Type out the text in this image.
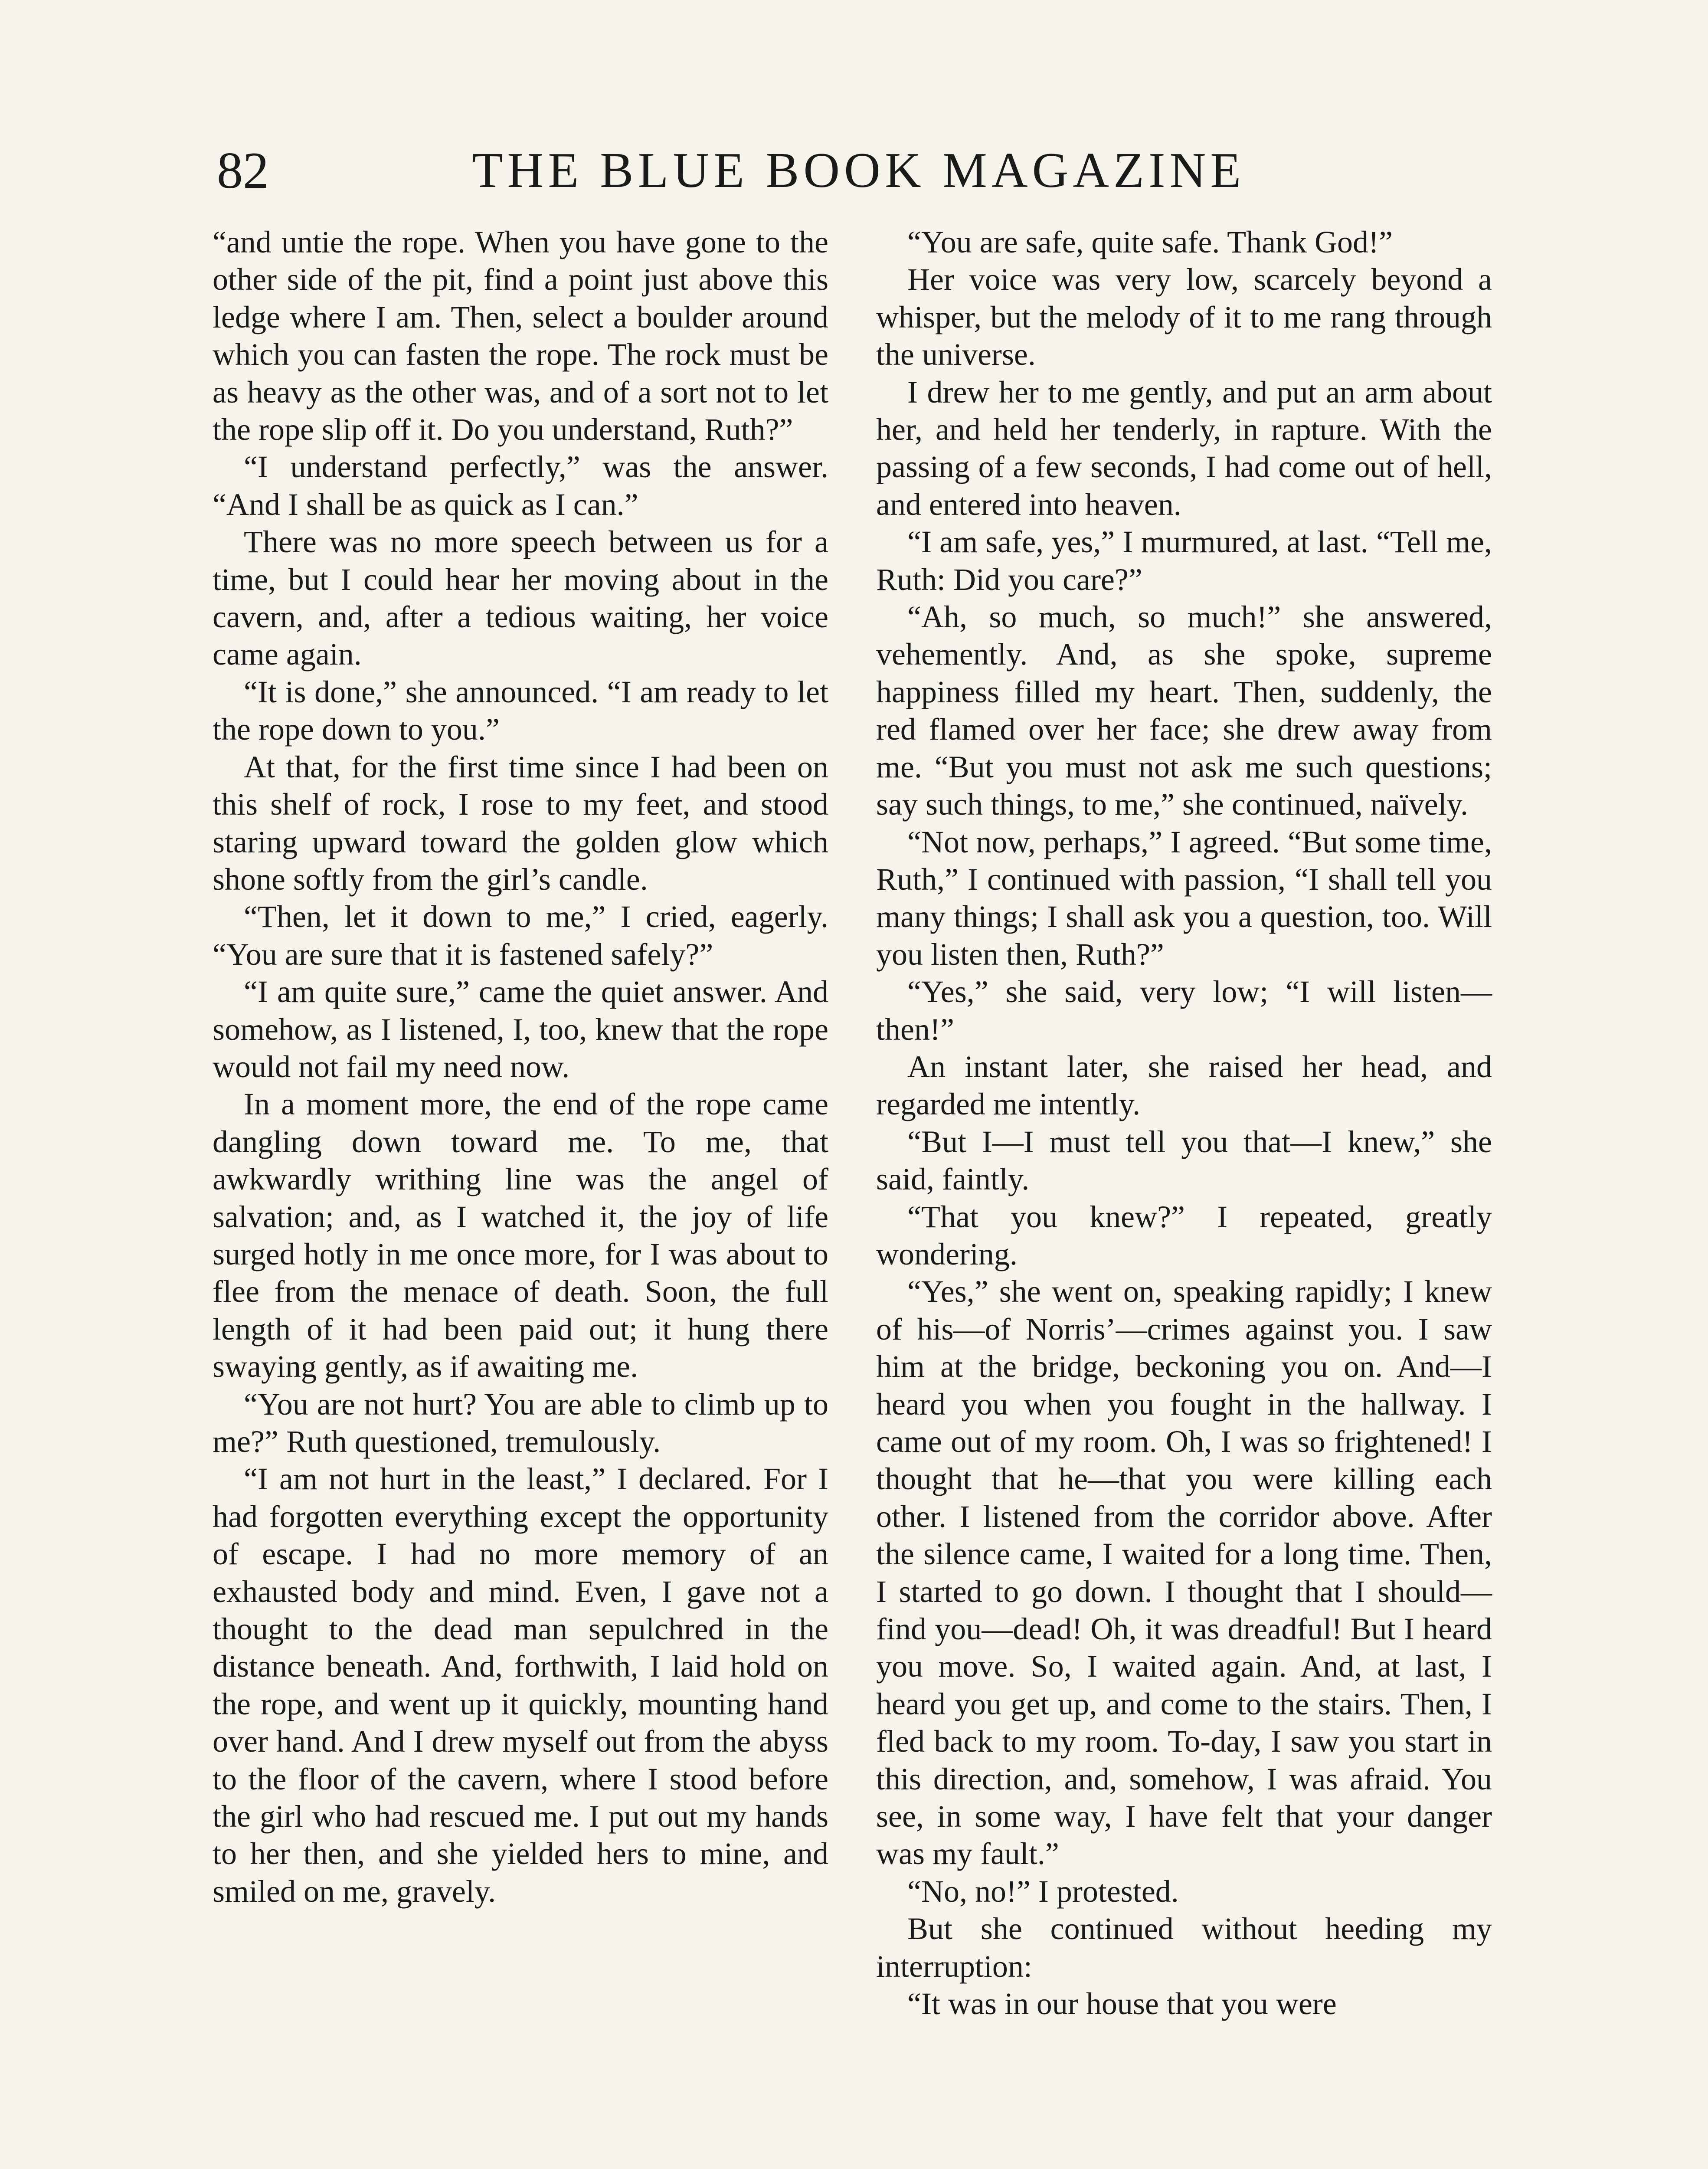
82	THE BLUE BOOK MAGAZINE

“and untie the rope. When you have gone to the other side of the pit, find a point just above this ledge where I am. Then, select a boulder around which you can fasten the rope. The rock must be as heavy as the other was, and of a sort not to let the rope slip off it. Do you understand, Ruth?”

“I understand perfectly,” was the answer. “And I shall be as quick as I can.”

There was no more speech between us for a time, but I could hear her moving about in the cavern, and, after a tedious waiting, her voice came again.

“It is done,” she announced. “I am ready to let the rope down to you.”

At that, for the first time since I had been on this shelf of rock, I rose to my feet, and stood staring upward toward the golden glow which shone softly from the girl’s candle.

“Then, let it down to me,” I cried, eagerly. “You are sure that it is fastened safely?”

“I am quite sure,” came the quiet answer. And somehow, as I listened, I, too, knew that the rope would not fail my need now.

In a moment more, the end of the rope came dangling down toward me. To me, that awkwardly writhing line was the angel of salvation; and, as I watched it, the joy of life surged hotly in me once more, for I was about to flee from the menace of death. Soon, the full length of it had been paid out; it hung there swaying gently, as if awaiting me.

“You are not hurt? You are able to climb up to me?” Ruth questioned, tremulously.

“I am not hurt in the least,” I declared. For I had forgotten everything except the opportunity of escape. I had no more memory of an exhausted body and mind. Even, I gave not a thought to the dead man sepulchred in the distance beneath. And, forthwith, I laid hold on the rope, and went up it quickly, mounting hand over hand. And I drew myself out from the abyss to the floor of the cavern, where I stood before the girl who had rescued me. I put out my hands to her then, and she yielded hers to mine, and smiled on me, gravely.

“You are safe, quite safe. Thank God!”

Her voice was very low, scarcely beyond a whisper, but the melody of it to me rang through the universe.

I drew her to me gently, and put an arm about her, and held her tenderly, in rapture. With the passing of a few seconds, I had come out of hell, and entered into heaven.

“I am safe, yes,” I murmured, at last. “Tell me, Ruth: Did you care?”

“Ah, so much, so much!” she answered, vehemently. And, as she spoke, supreme happiness filled my heart. Then, suddenly, the red flamed over her face; she drew away from me. “But you must not ask me such questions; say such things, to me,” she continued, naïvely.

“Not now, perhaps,” I agreed. “But some time, Ruth,” I continued with passion, “I shall tell you many things; I shall ask you a question, too. Will you listen then, Ruth?”

“Yes,” she said, very low; “I will listen—then!”

An instant later, she raised her head, and regarded me intently.

“But I—I must tell you that—I knew,” she said, faintly.

“That you knew?” I repeated, greatly wondering.

“Yes,” she went on, speaking rapidly; I knew of his—of Norris’—crimes against you. I saw him at the bridge, beckoning you on. And—I heard you when you fought in the hallway. I came out of my room. Oh, I was so frightened! I thought that he—that you were killing each other. I listened from the corridor above. After the silence came, I waited for a long time. Then, I started to go down. I thought that I should—find you—dead! Oh, it was dreadful! But I heard you move. So, I waited again. And, at last, I heard you get up, and come to the stairs. Then, I fled back to my room. To-day, I saw you start in this direction, and, somehow, I was afraid. You see, in some way, I have felt that your danger was my fault.”

“No, no!” I protested.

But she continued without heeding my interruption:

“It was in our house that you were
